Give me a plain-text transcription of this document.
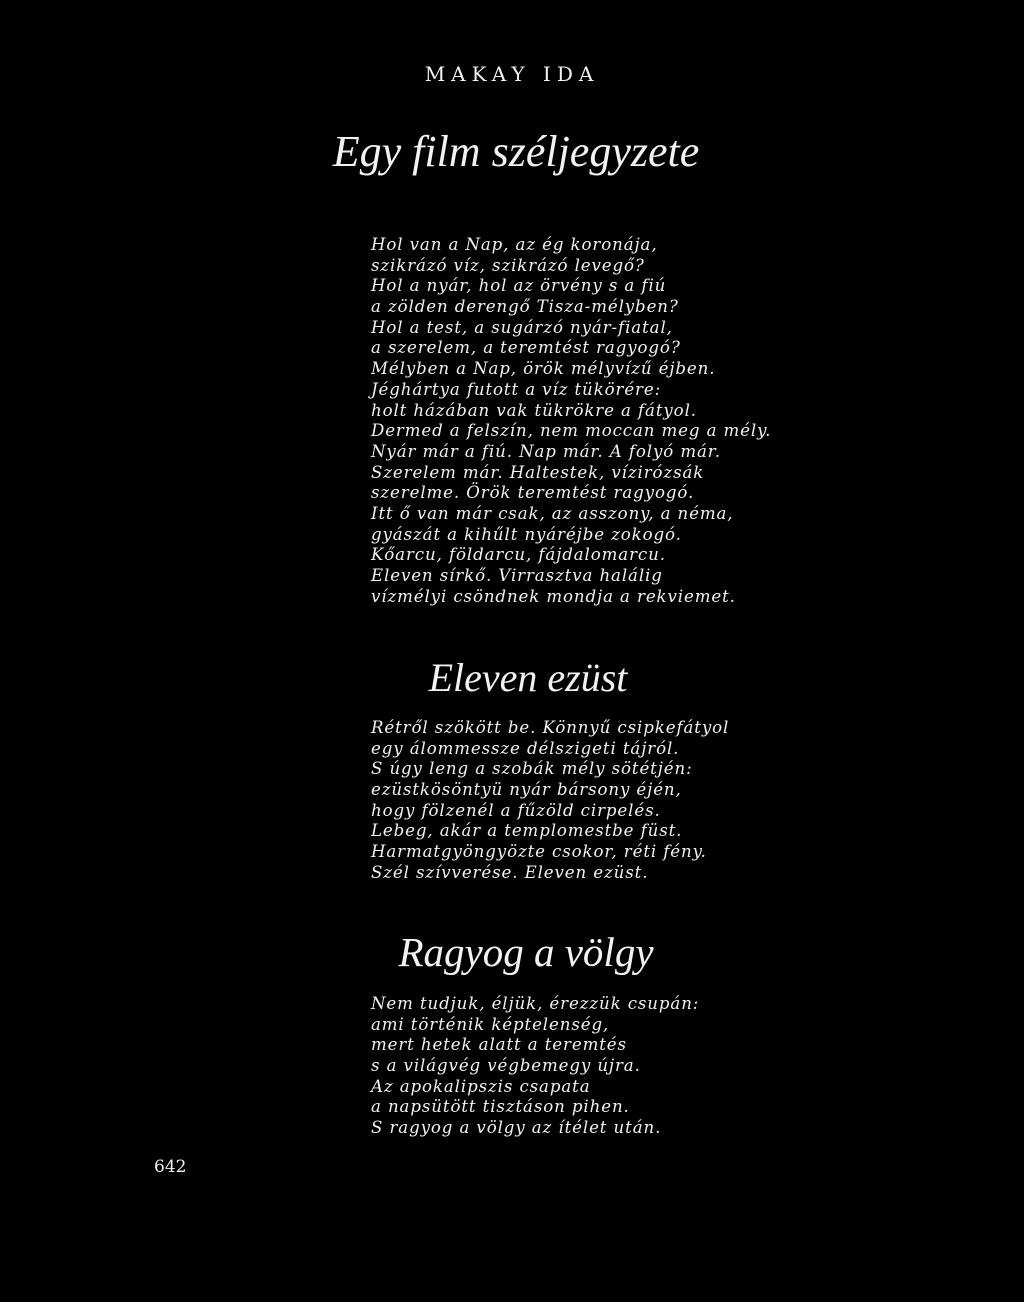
MAKAY IDA
Egy film széljegyzete
Hol van a Nap, az ég koronája,
szikrázó víz, szikrázó levegő?
Hol a nyár, hol az örvény s a fiú
a zölden derengő Tisza-mélyben?
Hol a test, a sugárzó nyár-fiatal,
a szerelem, a teremtést ragyogó?
Mélyben a Nap, örök mélyvízű éjben.
Jéghártya futott a víz tükörére:
holt házában vak tükrökre a fátyol.
Dermed a felszín, nem moccan meg a mély.
Nyár már a fiú. Nap már. A folyó már.
Szerelem már. Haltestek, vízirózsák
szerelme. Örök teremtést ragyogó.
Itt ő van már csak, az asszony, a néma,
gyászát a kihűlt nyáréjbe zokogó.
Kőarcu, földarcu, fájdalomarcu.
Eleven sírkő. Virrasztva halálig
vízmélyi csöndnek mondja a rekviemet.
Eleven ezüst
Rétről szökött be. Könnyű csipkefátyol
egy álommessze délszigeti tájról.
S úgy leng a szobák mély sötétjén:
ezüstkösöntyü nyár bársony éjén,
hogy fölzenél a fűzöld cirpelés.
Lebeg, akár a templomestbe füst.
Harmatgyöngyözte csokor, réti fény.
Szél szívverése. Eleven ezüst.
Ragyog a völgy
Nem tudjuk, éljük, érezzük csupán:
ami történik képtelenség,
mert hetek alatt a teremtés
s a világvég végbemegy újra.
Az apokalipszis csapata
a napsütött tisztáson pihen.
S ragyog a völgy az ítélet után.
642
